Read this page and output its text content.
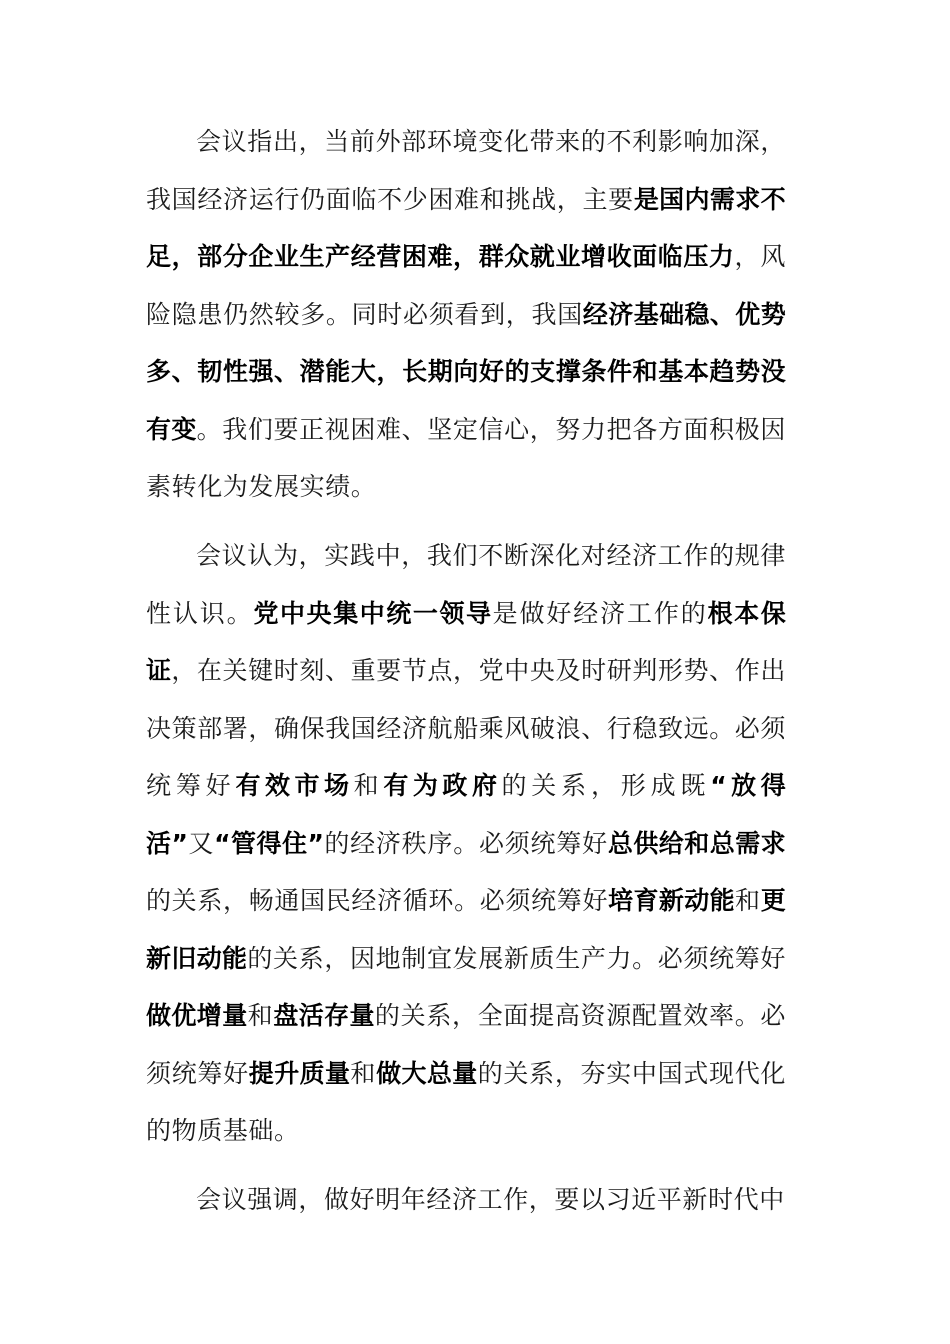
会议指出，当前外部环境变化带来的不利影响加深，我国经济运行仍面临不少困难和挑战，主要是国内需求不足，部分企业生产经营困难，群众就业增收面临压力，风险隐患仍然较多。同时必须看到，我国经济基础稳、优势多、韧性强、潜能大，长期向好的支撑条件和基本趋势没有变。我们要正视困难、坚定信心，努力把各方面积极因素转化为发展实绩。

会议认为，实践中，我们不断深化对经济工作的规律性认识。党中央集中统一领导是做好经济工作的根本保证，在关键时刻、重要节点，党中央及时研判形势、作出决策部署，确保我国经济航船乘风破浪、行稳致远。必须统筹好有效市场和有为政府的关系，形成既“放得活”又“管得住”的经济秩序。必须统筹好总供给和总需求的关系，畅通国民经济循环。必须统筹好培育新动能和更新旧动能的关系，因地制宜发展新质生产力。必须统筹好做优增量和盘活存量的关系，全面提高资源配置效率。必须统筹好提升质量和做大总量的关系，夯实中国式现代化的物质基础。

会议强调，做好明年经济工作，要以习近平新时代中
